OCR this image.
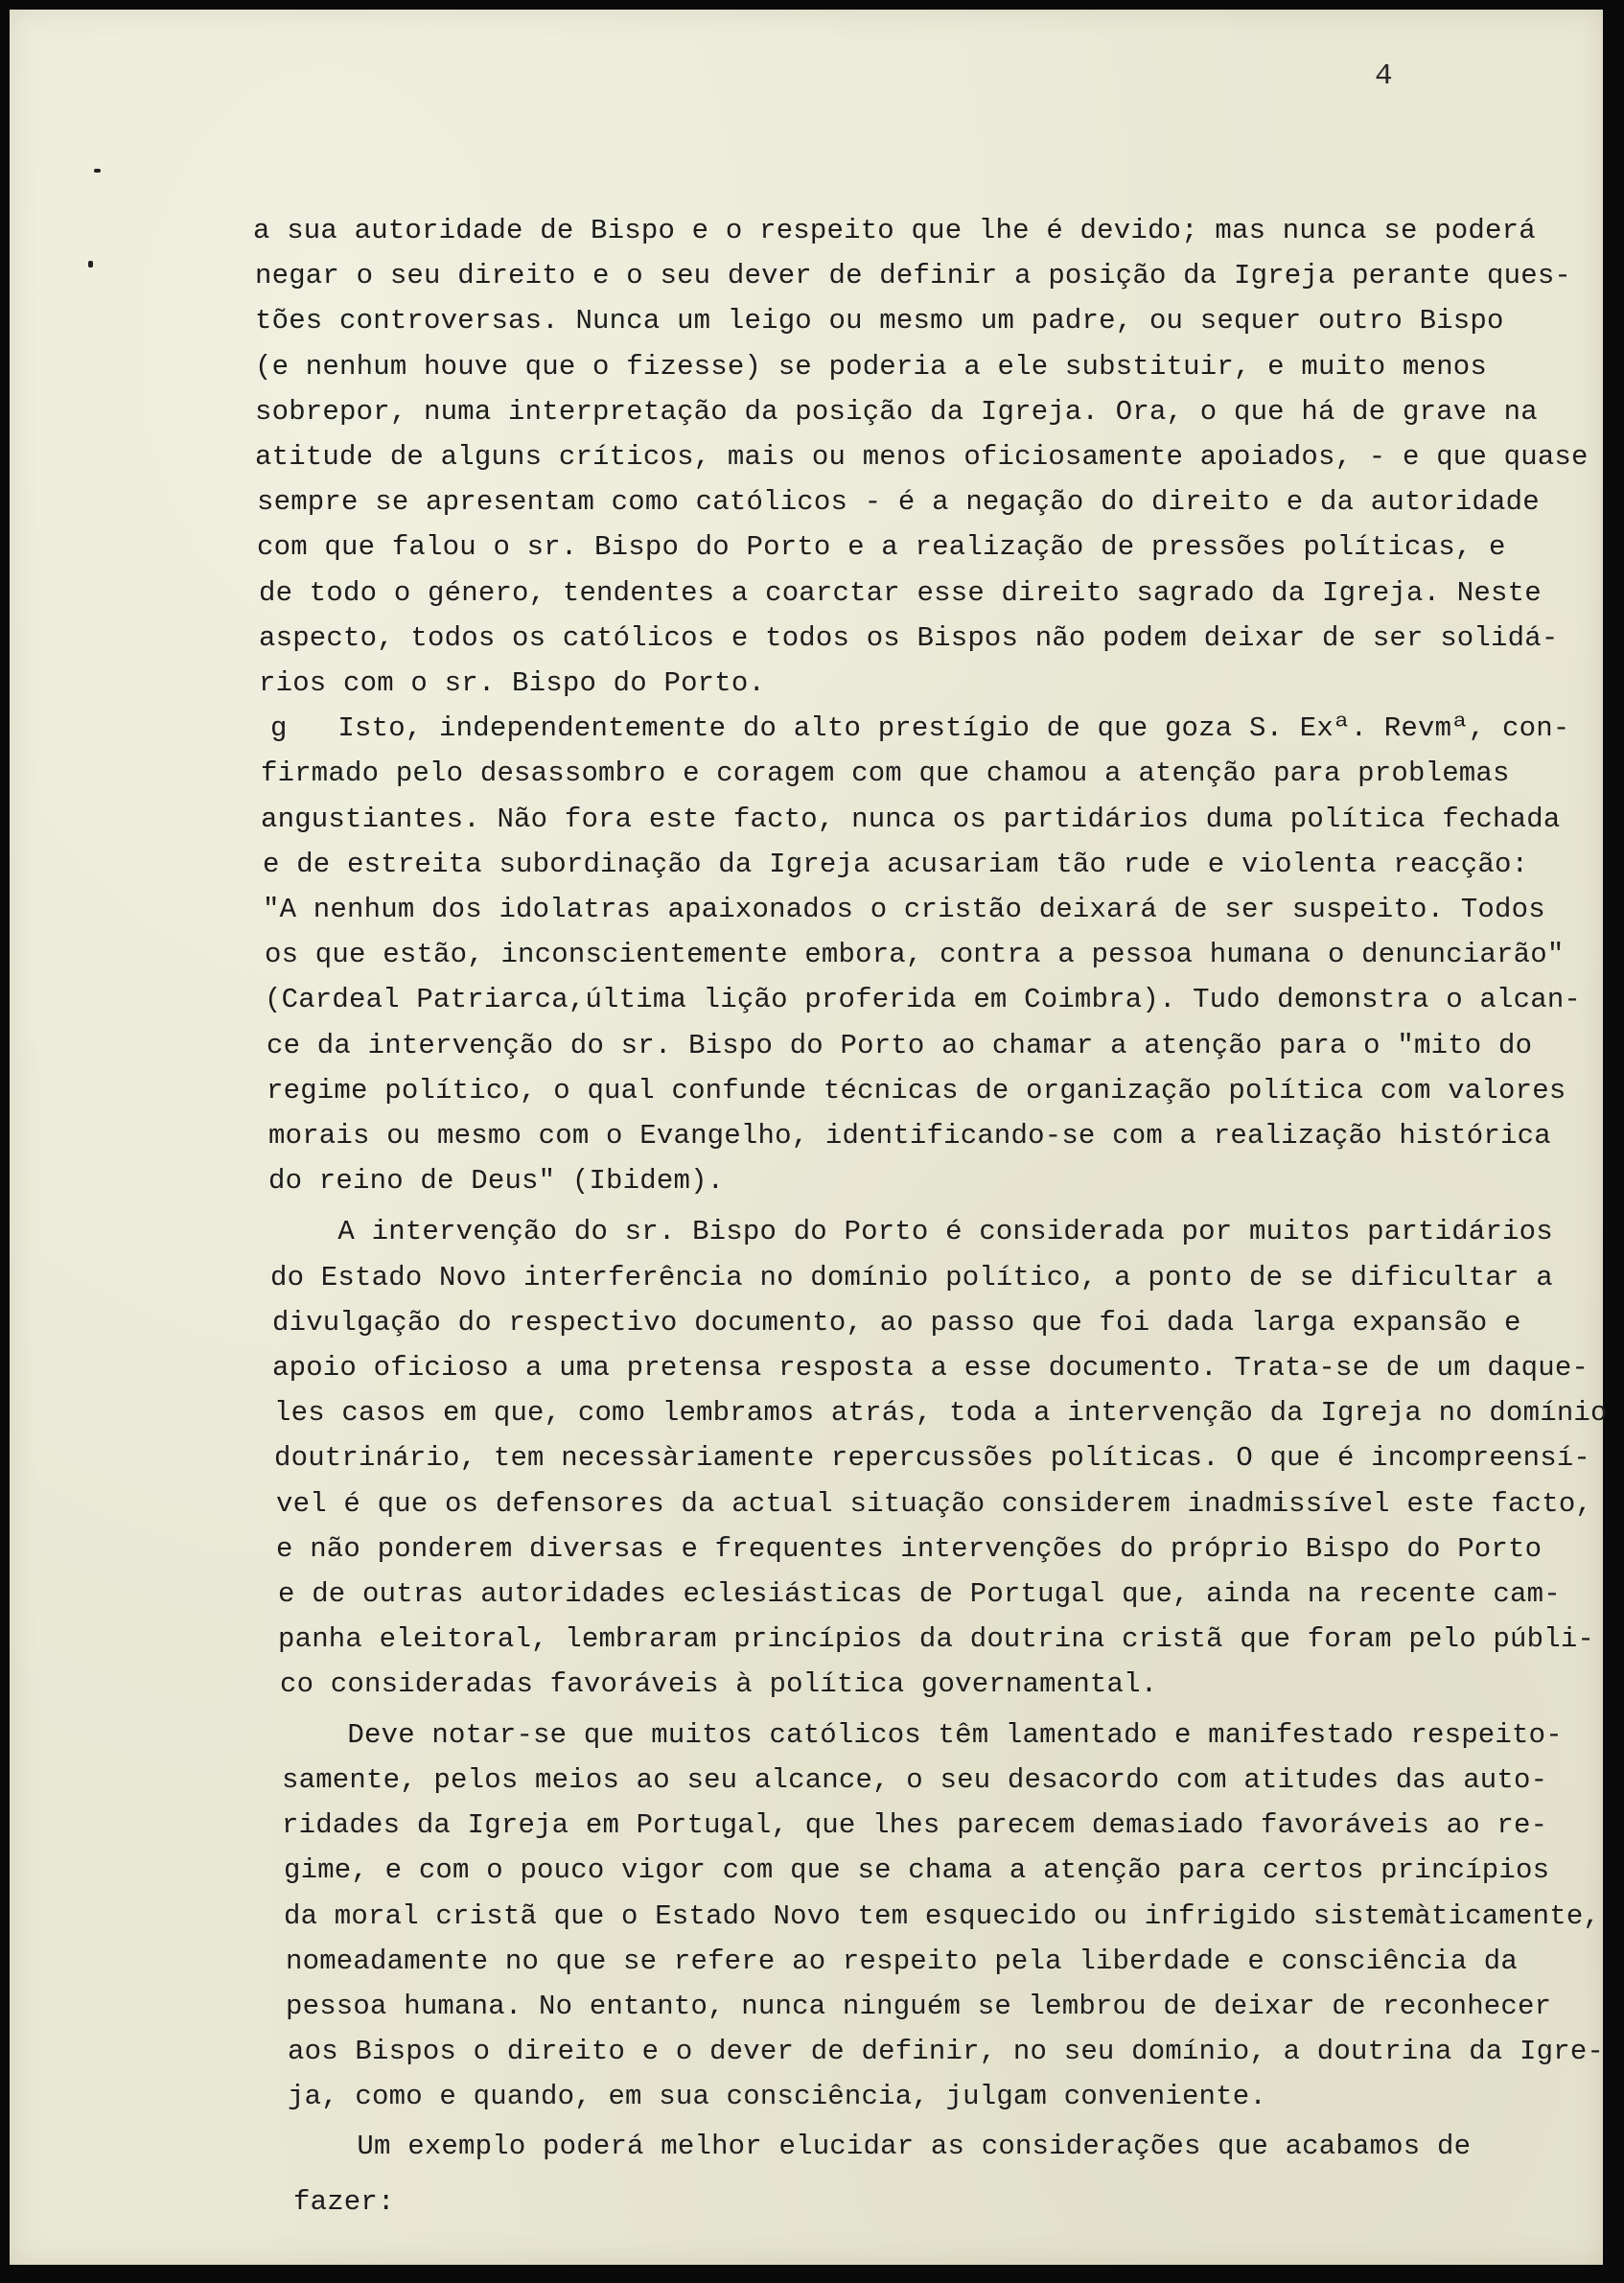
4

a sua autoridade de Bispo e o respeito que lhe é devido; mas nunca se poderá

negar o seu direito e o seu dever de definir a posição da Igreja perante ques-

tões controversas. Nunca um leigo ou mesmo um padre, ou sequer outro Bispo

(e nenhum houve que o fizesse) se poderia a ele substituir, e muito menos

sobrepor, numa interpretação da posição da Igreja. Ora, o que há de grave na

atitude de alguns críticos, mais ou menos oficiosamente apoiados, - e que quase

sempre se apresentam como católicos - é a negação do direito e da autoridade

com que falou o sr. Bispo do Porto e a realização de pressões políticas, e

de todo o género, tendentes a coarctar esse direito sagrado da Igreja. Neste

aspecto, todos os católicos e todos os Bispos não podem deixar de ser solidá-

rios com o sr. Bispo do Porto.

g   Isto, independentemente do alto prestígio de que goza S. Exª. Revmª, con-

firmado pelo desassombro e coragem com que chamou a atenção para problemas

angustiantes. Não fora este facto, nunca os partidários duma política fechada

e de estreita subordinação da Igreja acusariam tão rude e violenta reacção:

"A nenhum dos idolatras apaixonados o cristão deixará de ser suspeito. Todos

os que estão, inconscientemente embora, contra a pessoa humana o denunciarão"

(Cardeal Patriarca,última lição proferida em Coimbra). Tudo demonstra o alcan-

ce da intervenção do sr. Bispo do Porto ao chamar a atenção para o "mito do

regime político, o qual confunde técnicas de organização política com valores

morais ou mesmo com o Evangelho, identificando-se com a realização histórica

do reino de Deus" (Ibidem).

A intervenção do sr. Bispo do Porto é considerada por muitos partidários

do Estado Novo interferência no domínio político, a ponto de se dificultar a

divulgação do respectivo documento, ao passo que foi dada larga expansão e

apoio oficioso a uma pretensa resposta a esse documento. Trata-se de um daque-

les casos em que, como lembramos atrás, toda a intervenção da Igreja no domínio

doutrinário, tem necessàriamente repercussões políticas. O que é incompreensí-

vel é que os defensores da actual situação considerem inadmissível este facto,

e não ponderem diversas e frequentes intervenções do próprio Bispo do Porto

e de outras autoridades eclesiásticas de Portugal que, ainda na recente cam-

panha eleitoral, lembraram princípios da doutrina cristã que foram pelo públi-

co consideradas favoráveis à política governamental.

Deve notar-se que muitos católicos têm lamentado e manifestado respeito-

samente, pelos meios ao seu alcance, o seu desacordo com atitudes das auto-

ridades da Igreja em Portugal, que lhes parecem demasiado favoráveis ao re-

gime, e com o pouco vigor com que se chama a atenção para certos princípios

da moral cristã que o Estado Novo tem esquecido ou infrigido sistemàticamente,

nomeadamente no que se refere ao respeito pela liberdade e consciência da

pessoa humana. No entanto, nunca ninguém se lembrou de deixar de reconhecer

aos Bispos o direito e o dever de definir, no seu domínio, a doutrina da Igre-

ja, como e quando, em sua consciência, julgam conveniente.

Um exemplo poderá melhor elucidar as considerações que acabamos de

fazer:
